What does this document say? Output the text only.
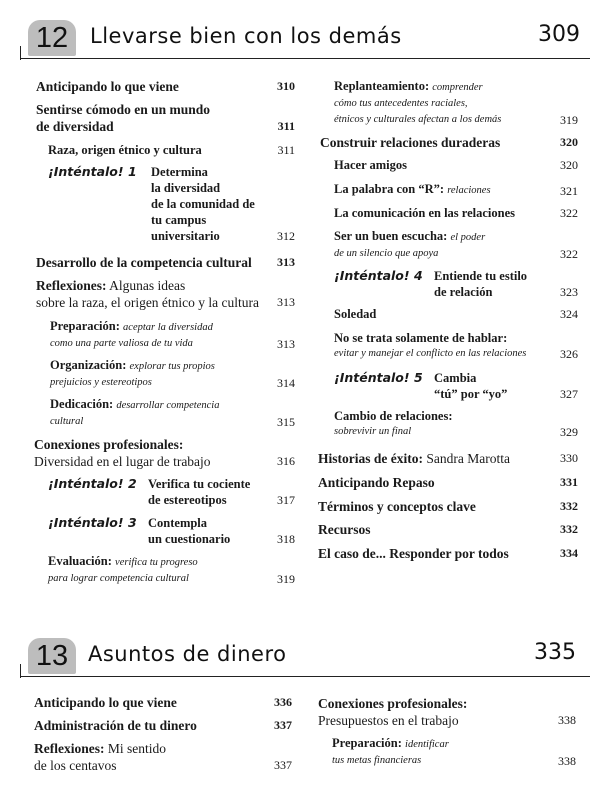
12	Llevarse bien con los demás	309
Anticipando lo que viene	310
Sentirse cómodo en un mundo
de diversidad	311
Raza, origen étnico y cultura	311
¡Inténtalo! 1 Determina
la diversidad
de la comunidad de
tu campus
universitario	312
Desarrollo de la competencia cultural	313
Reflexiones: Algunas ideas
sobre la raza, el origen étnico y la cultura	313
Preparación: aceptar la diversidad
como una parte valiosa de tu vida	313
Organización: explorar tus propios
prejuicios y estereotipos	314
Dedicación: desarrollar competencia
cultural	315
Conexiones profesionales:
Diversidad en el lugar de trabajo	316
¡Inténtalo! 2 Verifica tu cociente
de estereotipos	317
¡Inténtalo! 3 Contempla
un cuestionario	318
Evaluación: verifica tu progreso
para lograr competencia cultural	319
Replanteamiento: comprender
cómo tus antecedentes raciales,
étnicos y culturales afectan a los demás	319
Construir relaciones duraderas	320
Hacer amigos	320
La palabra con “R”: relaciones	321
La comunicación en las relaciones	322
Ser un buen escucha: el poder
de un silencio que apoya	322
¡Inténtalo! 4 Entiende tu estilo
de relación	323
Soledad	324
No se trata solamente de hablar:
evitar y manejar el conflicto en las relaciones	326
¡Inténtalo! 5 Cambia
“tú” por “yo”	327
Cambio de relaciones:
sobrevivir un final	329
Historias de éxito: Sandra Marotta	330
Anticipando Repaso	331
Términos y conceptos clave	332
Recursos	332
El caso de... Responder por todos	334
13 Asuntos de dinero	335
Anticipando lo que viene	336
Administración de tu dinero	337
Reflexiones: Mi sentido
de los centavos	337
Conexiones profesionales:
Presupuestos en el trabajo	338
Preparación: identificar
tus metas financieras	338
